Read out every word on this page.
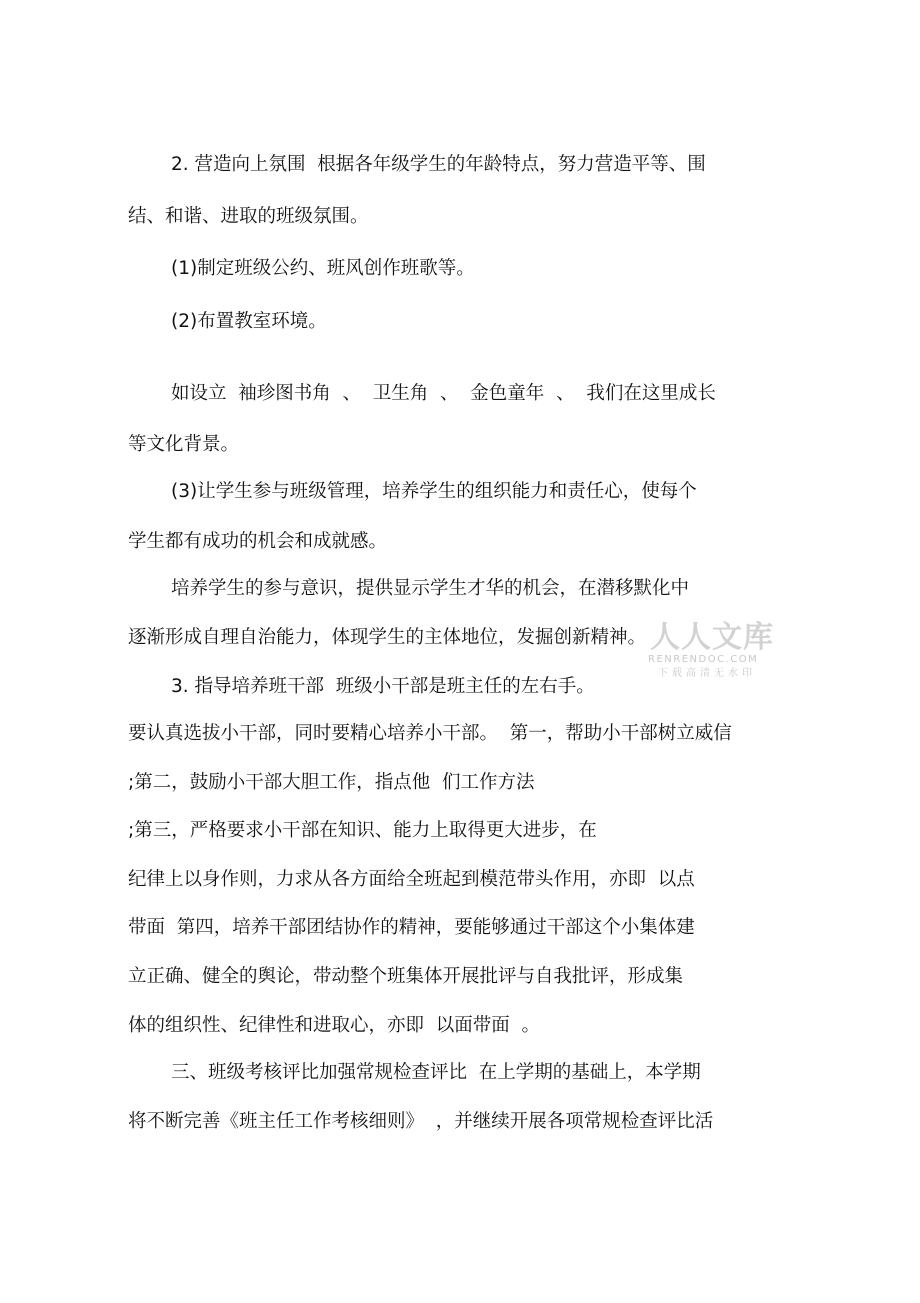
2. 营造向上氛围  根据各年级学生的年龄特点，努力营造平等、围

结、和谐、进取的班级氛围。

(1)制定班级公约、班风创作班歌等。

(2)布置教室环境。

如设立  袖珍图书角  、  卫生角  、  金色童年  、  我们在这里成长

等文化背景。

(3)让学生参与班级管理，培养学生的组织能力和责任心，使每个

学生都有成功的机会和成就感。

培养学生的参与意识，提供显示学生才华的机会，在潜移默化中

逐渐形成自理自治能力，体现学生的主体地位，发掘创新精神。

3. 指导培养班干部  班级小干部是班主任的左右手。

要认真选拔小干部，同时要精心培养小干部。  第一，帮助小干部树立威信

;第二，鼓励小干部大胆工作，指点他  们工作方法

;第三，严格要求小干部在知识、能力上取得更大进步，在

纪律上以身作则，力求从各方面给全班起到模范带头作用，亦即  以点

带面  第四，培养干部团结协作的精神，要能够通过干部这个小集体建

立正确、健全的舆论，带动整个班集体开展批评与自我批评，形成集

体的组织性、纪律性和进取心，亦即  以面带面  。

三、班级考核评比加强常规检查评比  在上学期的基础上，本学期

将不断完善《班主任工作考核细则》  ，并继续开展各项常规检查评比活

人人文库
RENRENDOC.COM
下载高清无水印
